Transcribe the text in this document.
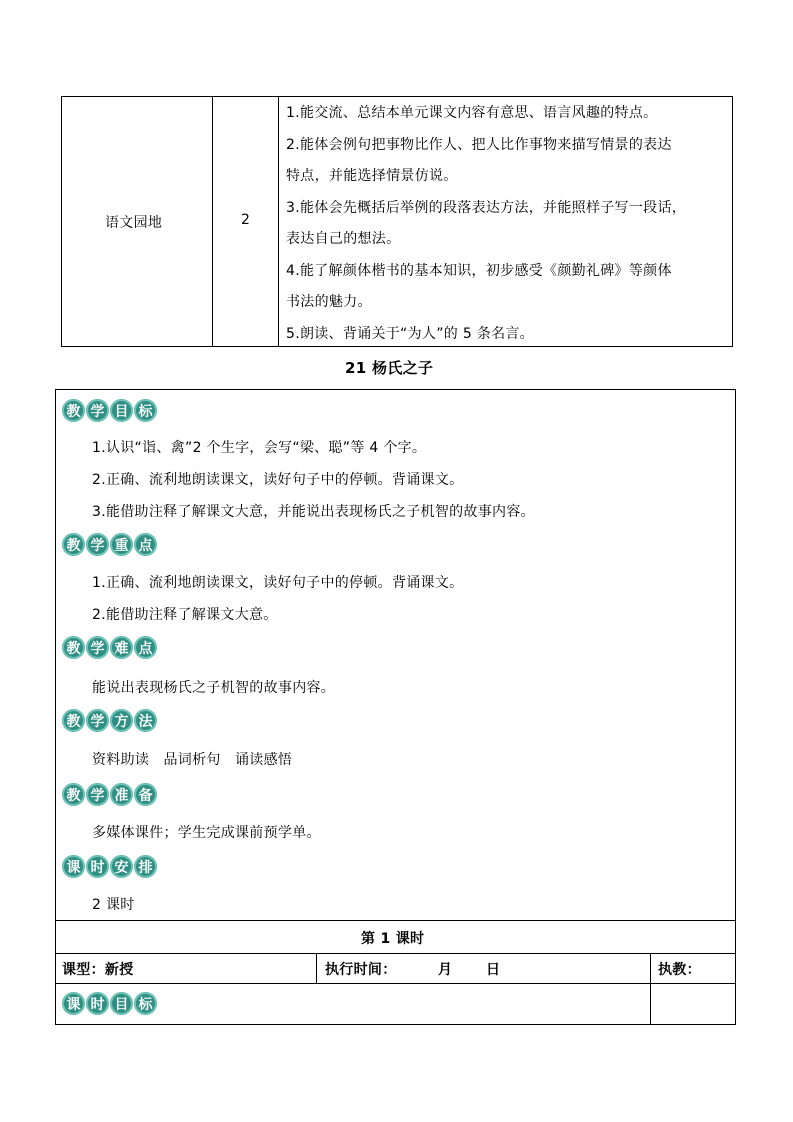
语文园地	2
1.能交流、总结本单元课文内容有意思、语言风趣的特点。
2.能体会例句把事物比作人、把人比作事物来描写情景的表达
特点，并能选择情景仿说。
3.能体会先概括后举例的段落表达方法，并能照样子写一段话，
表达自己的想法。
4.能了解颜体楷书的基本知识，初步感受《颜勤礼碑》等颜体
书法的魅力。
5.朗读、背诵关于“为人”的 5 条名言。
21 杨氏之子
教 学 目 标
1.认识“诣、禽”2 个生字，会写“梁、聪”等 4 个字。
2.正确、流利地朗读课文，读好句子中的停顿。背诵课文。
3.能借助注释了解课文大意，并能说出表现杨氏之子机智的故事内容。
教 学 重 点
1.正确、流利地朗读课文，读好句子中的停顿。背诵课文。
2.能借助注释了解课文大意。
教 学 难 点
能说出表现杨氏之子机智的故事内容。
教 学 方 法
资料助读　品词析句　诵读感悟
教 学 准 备
多媒体课件；学生完成课前预学单。
课 时 安 排
2 课时
第 1 课时
课型：新授	执行时间：	月 日	执教：
课 时 目 标
